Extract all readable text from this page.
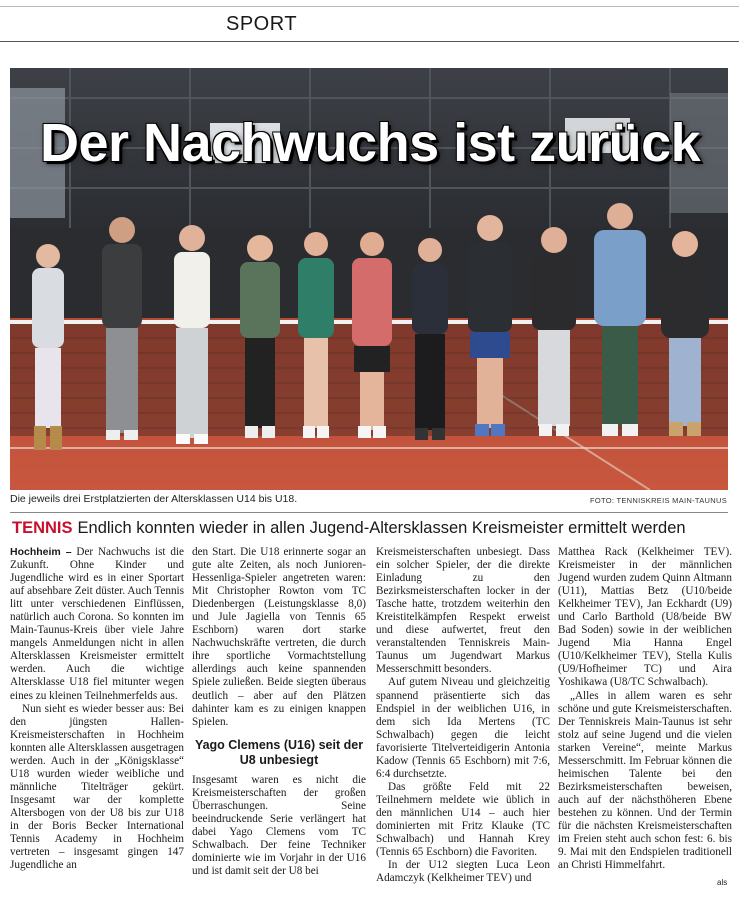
SPORT
Der Nachwuchs ist zurück
Die jeweils drei Erstplatzierten der Altersklassen U14 bis U18.	FOTO: TENNISKREIS MAIN-TAUNUS
TENNIS Endlich konnten wieder in allen Jugend-Altersklassen Kreismeister ermittelt werden

Hochheim – Der Nachwuchs ist die Zukunft. Ohne Kinder und Jugendliche wird es in einer Sportart auf absehbare Zeit düster. Auch Tennis litt unter verschiedenen Einflüssen, natürlich auch Corona. So konnten im Main-Taunus-Kreis über viele Jahre mangels Anmeldungen nicht in allen Altersklassen Kreismeister ermittelt werden. Auch die wichtige Altersklasse U18 fiel mitunter wegen eines zu kleinen Teilnehmerfelds aus.

Nun sieht es wieder besser aus: Bei den jüngsten Hallen-Kreismeisterschaften in Hochheim konnten alle Altersklassen ausgetragen werden. Auch in der „Königsklasse“ U18 wurden wieder weibliche und männliche Titelträger gekürt. Insgesamt war der komplette Altersbogen von der U8 bis zur U18 in der Boris Becker International Tennis Academy in Hochheim vertreten – insgesamt gingen 147 Jugendliche an

den Start. Die U18 erinnerte sogar an gute alte Zeiten, als noch Junioren-Hessenliga-Spieler angetreten waren: Mit Christopher Rowton vom TC Diedenbergen (Leistungsklasse 8,0) und Jule Jagiella von Tennis 65 Eschborn) waren dort starke Nachwuchskräfte vertreten, die durch ihre sportliche Vormachtstellung allerdings auch keine spannenden Spiele zuließen. Beide siegten überaus deutlich – aber auf den Plätzen dahinter kam es zu einigen knappen Spielen.

Yago Clemens (U16) seit der U8 unbesiegt

Insgesamt waren es nicht die Kreismeisterschaften der großen Überraschungen. Seine beeindruckende Serie verlängert hat dabei Yago Clemens vom TC Schwalbach. Der feine Techniker dominierte wie im Vorjahr in der U16 und ist damit seit der U8 bei

Kreismeisterschaften unbesiegt. Dass ein solcher Spieler, der die direkte Einladung zu den Bezirksmeisterschaften locker in der Tasche hatte, trotzdem weiterhin den Kreistitelkämpfen Respekt erweist und diese aufwertet, freut den veranstaltenden Tenniskreis Main-Taunus um Jugendwart Markus Messerschmitt besonders.

Auf gutem Niveau und gleichzeitig spannend präsentierte sich das Endspiel in der weiblichen U16, in dem sich Ida Mertens (TC Schwalbach) gegen die leicht favorisierte Titelverteidigerin Antonia Kadow (Tennis 65 Eschborn) mit 7:6, 6:4 durchsetzte.

Das größte Feld mit 22 Teilnehmern meldete wie üblich in den männlichen U14 – auch hier dominierten mit Fritz Klauke (TC Schwalbach) und Hannah Krey (Tennis 65 Eschborn) die Favoriten.

In der U12 siegten Luca Leon Adamczyk (Kelkheimer TEV) und

Matthea Rack (Kelkheimer TEV). Kreismeister in der männlichen Jugend wurden zudem Quinn Altmann (U11), Mattias Betz (U10/beide Kelkheimer TEV), Jan Eckhardt (U9) und Carlo Barthold (U8/beide BW Bad Soden) sowie in der weiblichen Jugend Mia Hanna Engel (U10/Kelkheimer TEV), Stella Kulis (U9/Hofheimer TC) und Aira Yoshikawa (U8/TC Schwalbach).

„Alles in allem waren es sehr schöne und gute Kreismeisterschaften. Der Tenniskreis Main-Taunus ist sehr stolz auf seine Jugend und die vielen starken Vereine“, meinte Markus Messerschmitt. Im Februar können die heimischen Talente bei den Bezirksmeisterschaften beweisen, auch auf der nächsthöheren Ebene bestehen zu können. Und der Termin für die nächsten Kreismeisterschaften im Freien steht auch schon fest: 6. bis 9. Mai mit den Endspielen traditionell an Christi Himmelfahrt.

als
